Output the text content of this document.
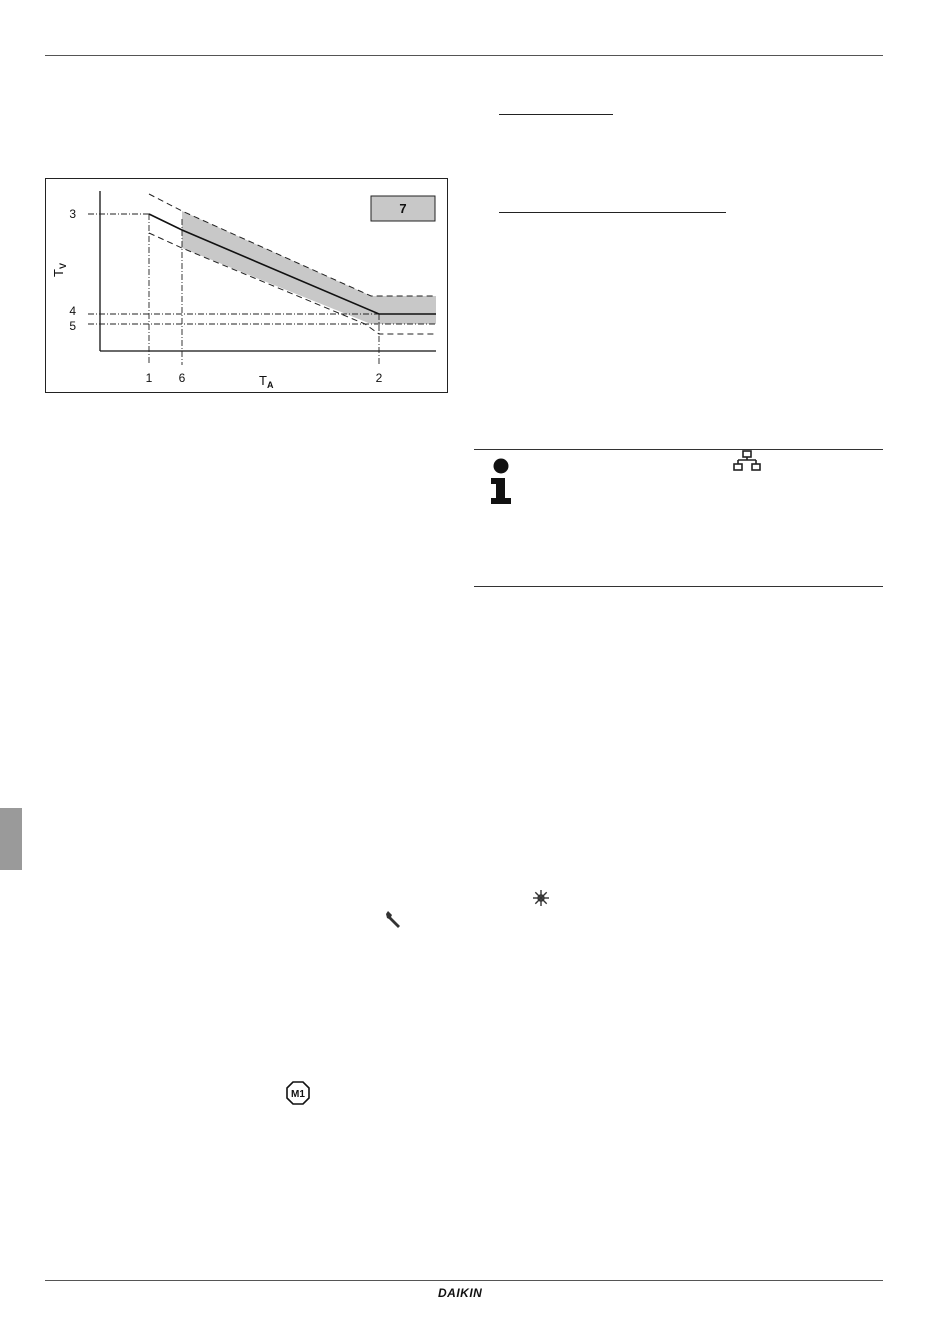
3
4
5
1 6	2
$T_A$
$T_V$
7
M1
DAIKIN
